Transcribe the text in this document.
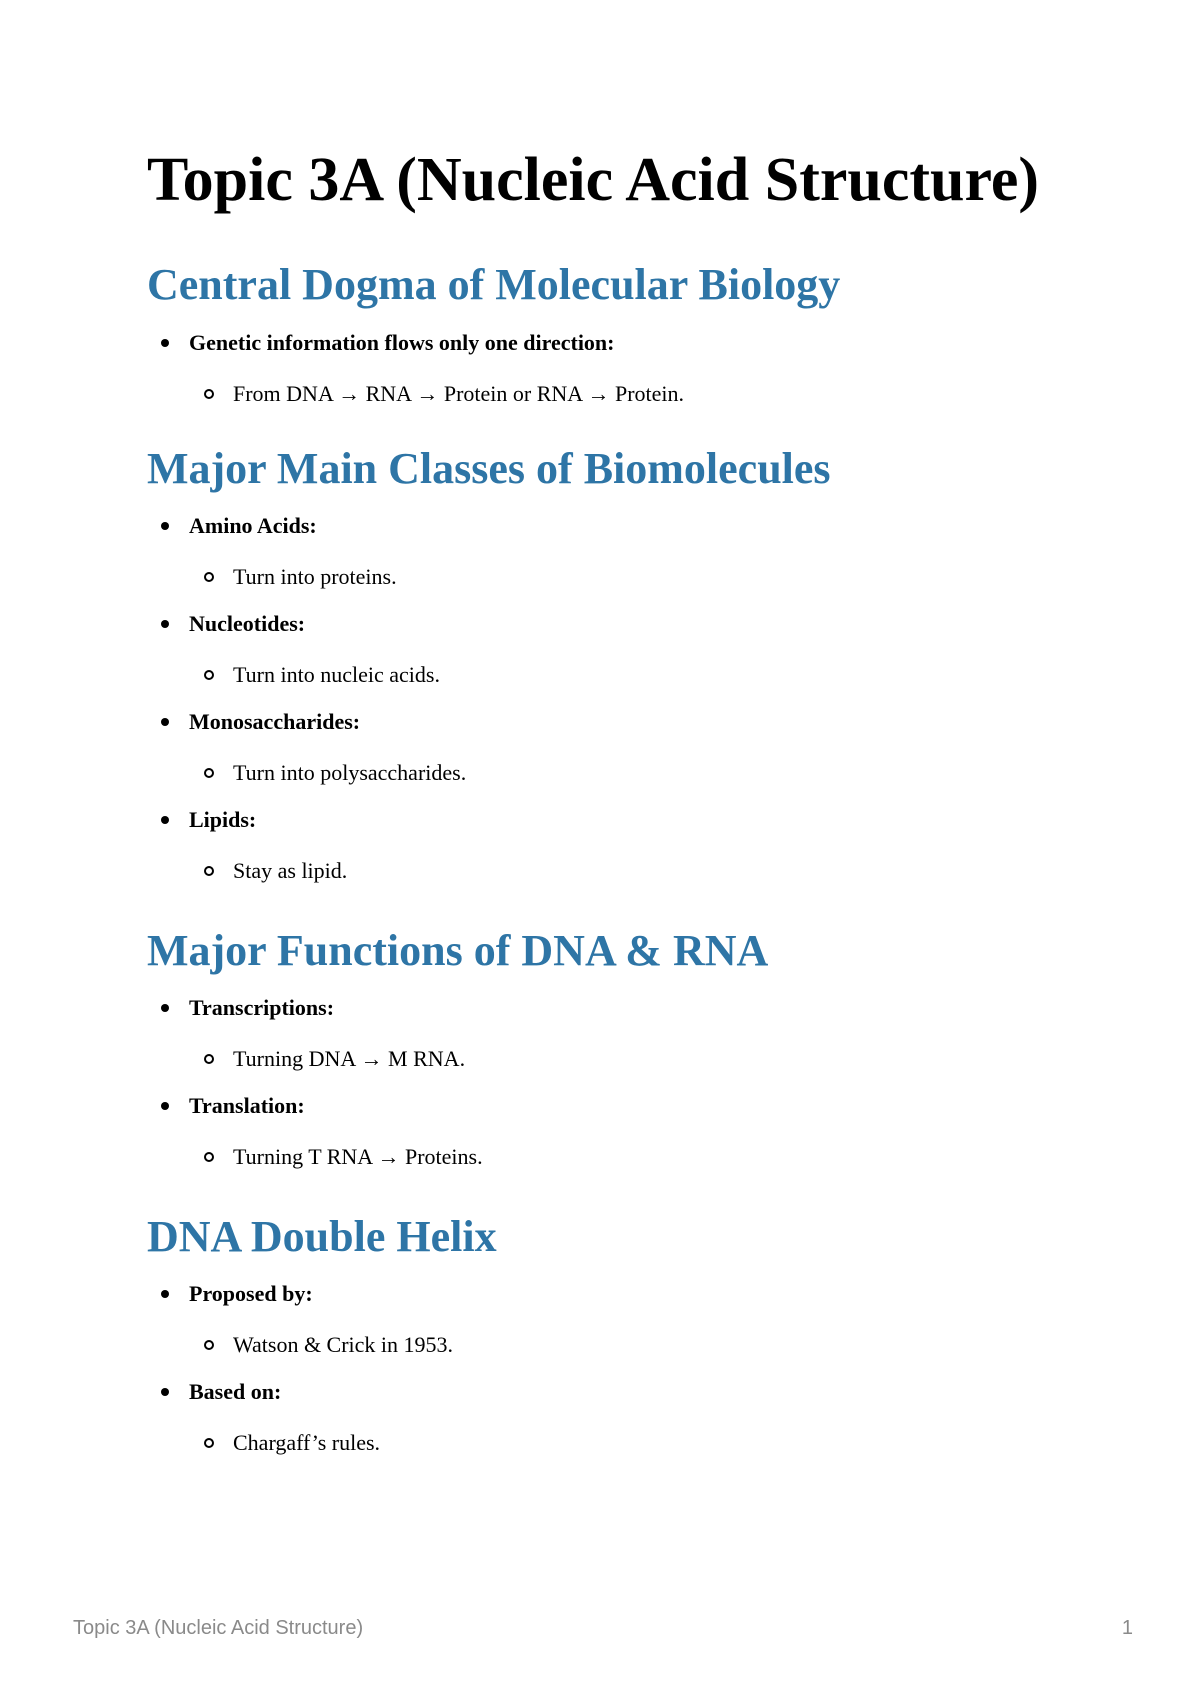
Topic 3A (Nucleic Acid Structure)
Central Dogma of Molecular Biology
Genetic information flows only one direction:
From DNA → RNA → Protein or RNA → Protein.
Major Main Classes of Biomolecules
Amino Acids:
Turn into proteins.
Nucleotides:
Turn into nucleic acids.
Monosaccharides:
Turn into polysaccharides.
Lipids:
Stay as lipid.
Major Functions of DNA & RNA
Transcriptions:
Turning DNA → M RNA.
Translation:
Turning T RNA → Proteins.
DNA Double Helix
Proposed by:
Watson & Crick in 1953.
Based on:
Chargaff’s rules.
Topic 3A (Nucleic Acid Structure)	1
